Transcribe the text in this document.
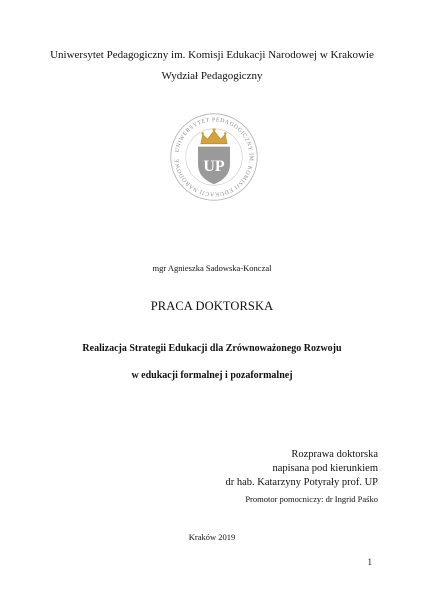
Uniwersytet Pedagogiczny im. Komisji Edukacji Narodowej w Krakowie
Wydział Pedagogiczny
UNIWERSYTET PEDAGOGICZNY IM. KOMISJI EDUKACJI NARODOWE	UP
mgr Agnieszka Sadowska-Konczal
PRACA DOKTORSKA
Realizacja Strategii Edukacji dla Zrównoważonego Rozwoju
w edukacji formalnej i pozaformalnej
Rozprawa doktorska
napisana pod kierunkiem
dr hab. Katarzyny Potyrały prof. UP
Promotor pomocniczy: dr Ingrid Paśko
Kraków 2019
1
